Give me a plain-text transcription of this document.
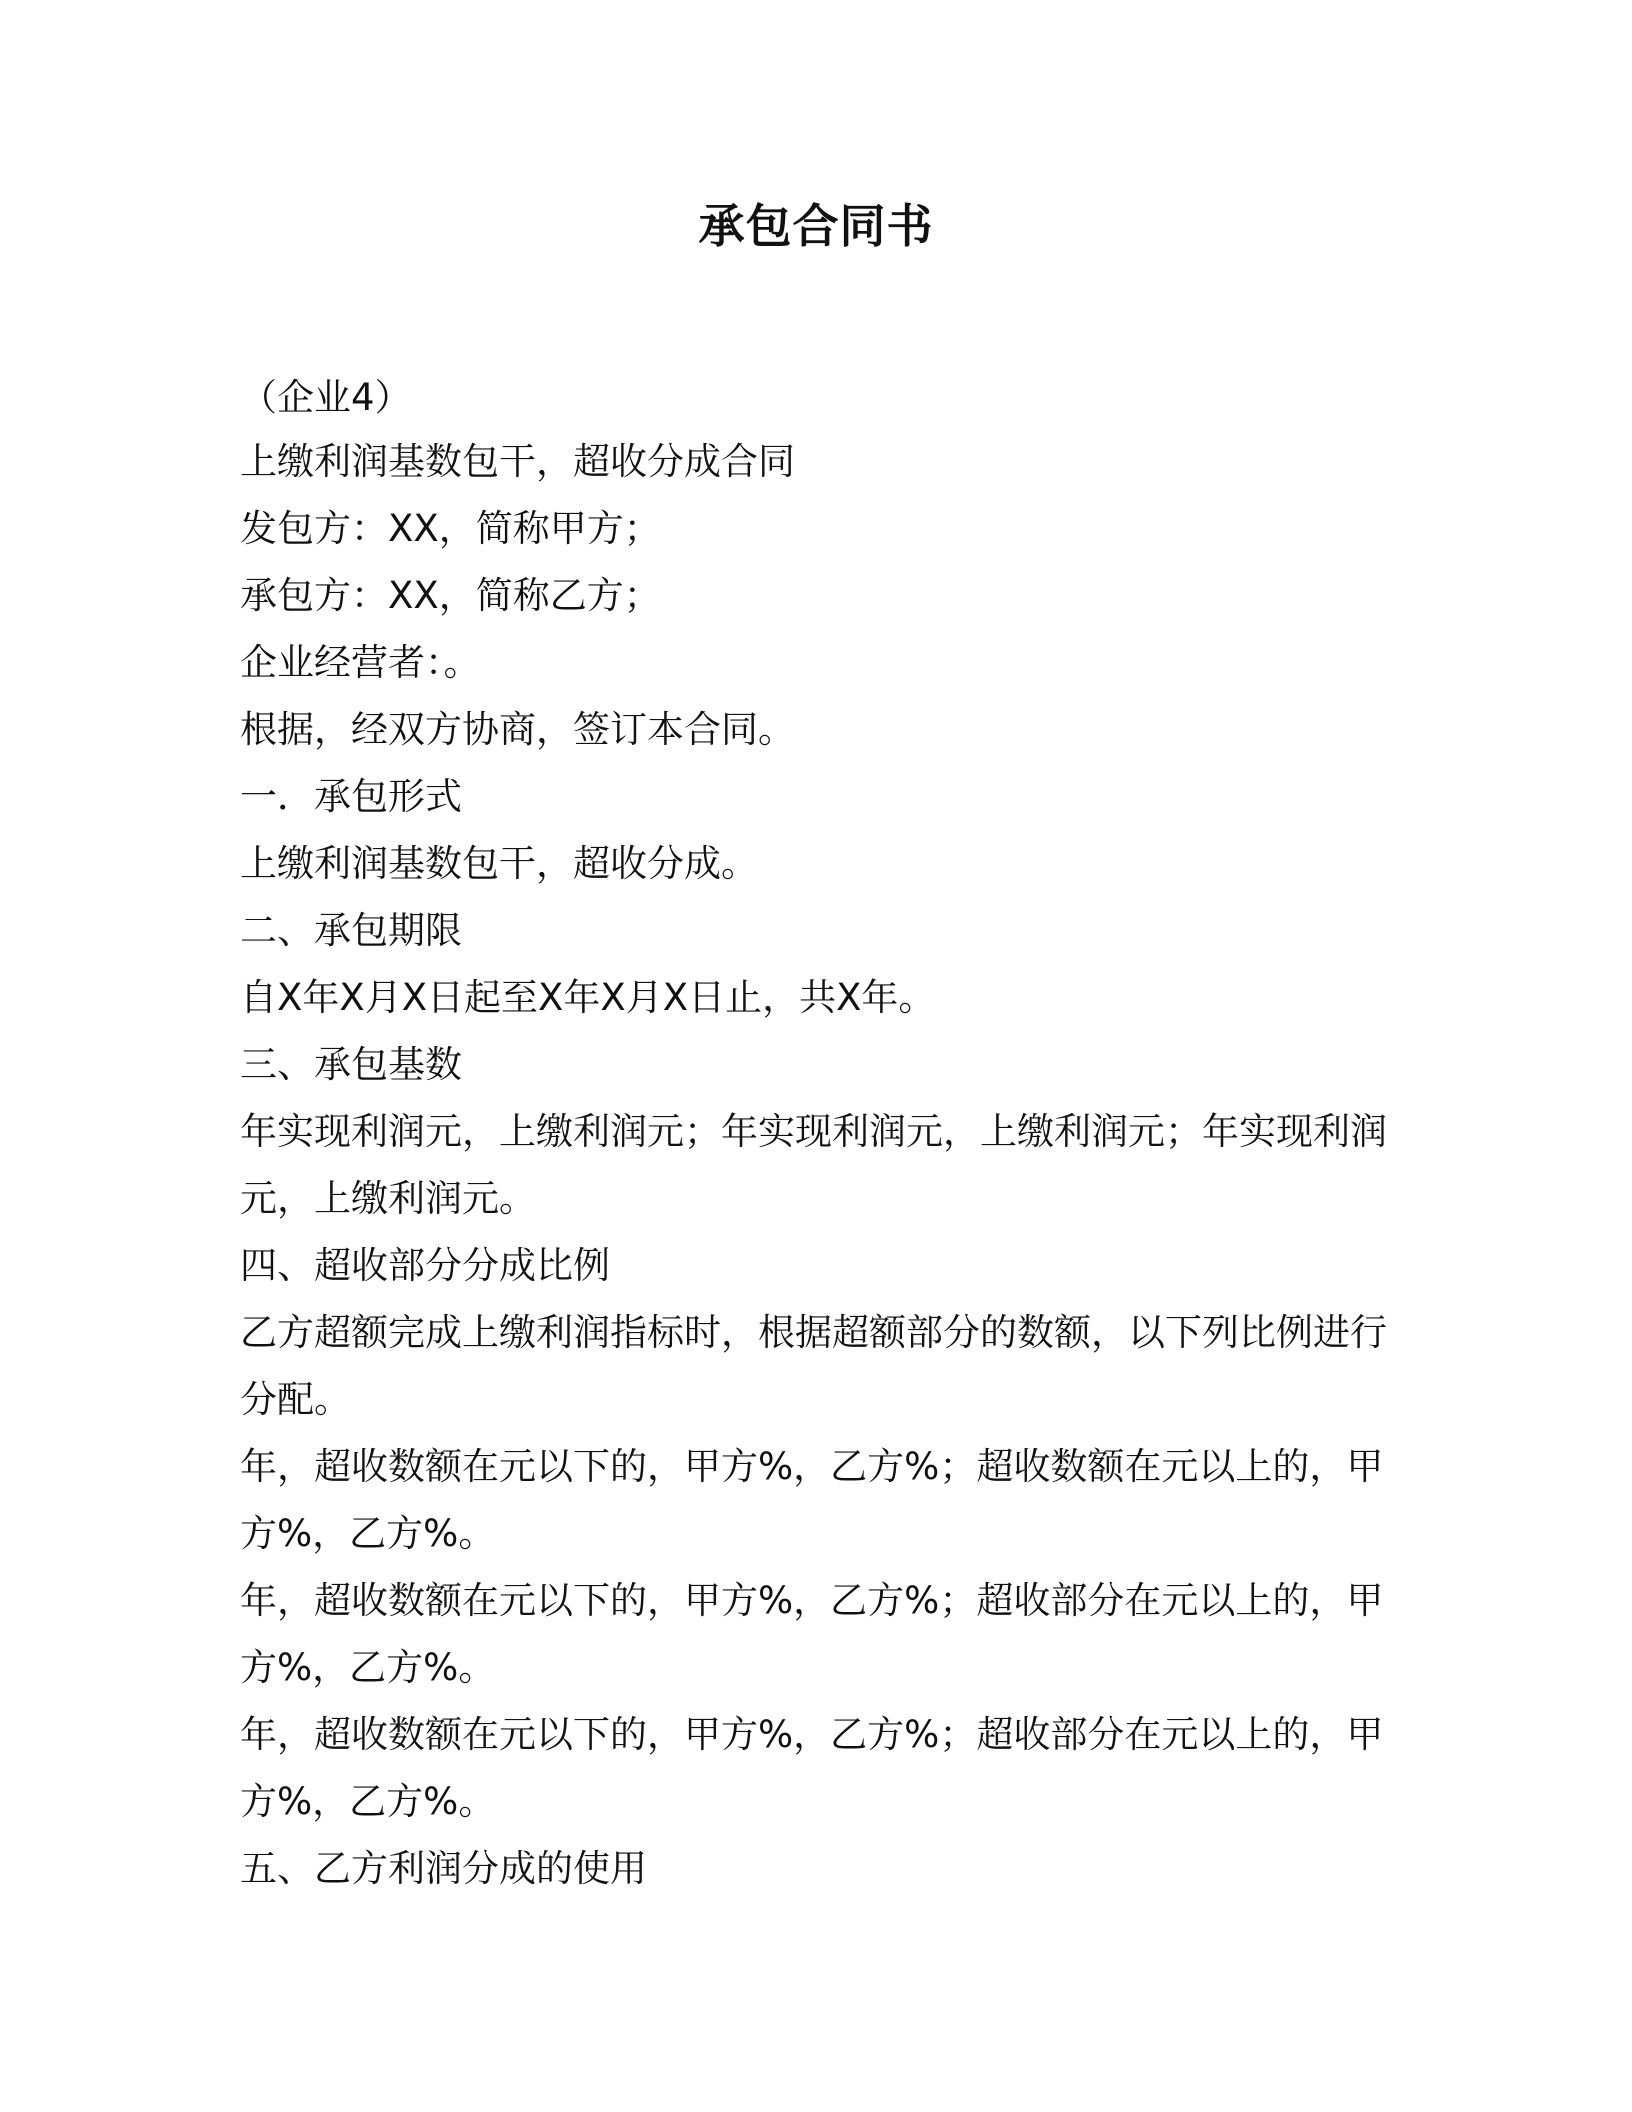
承包合同书

（企业4）

上缴利润基数包干，超收分成合同

发包方：XX，简称甲方；

承包方：XX，简称乙方；

企业经营者：。

根据，经双方协商，签订本合同。

一．承包形式

上缴利润基数包干，超收分成。

二、承包期限

自X年X月X日起至X年X月X日止，共X年。

三、承包基数

年实现利润元，上缴利润元；年实现利润元，上缴利润元；年实现利润元，上缴利润元。

四、超收部分分成比例

乙方超额完成上缴利润指标时，根据超额部分的数额，以下列比例进行分配。

年，超收数额在元以下的，甲方%，乙方%；超收数额在元以上的，甲方%，乙方%。

年，超收数额在元以下的，甲方%，乙方%；超收部分在元以上的，甲方%，乙方%。

年，超收数额在元以下的，甲方%，乙方%；超收部分在元以上的，甲方%，乙方%。

五、乙方利润分成的使用
